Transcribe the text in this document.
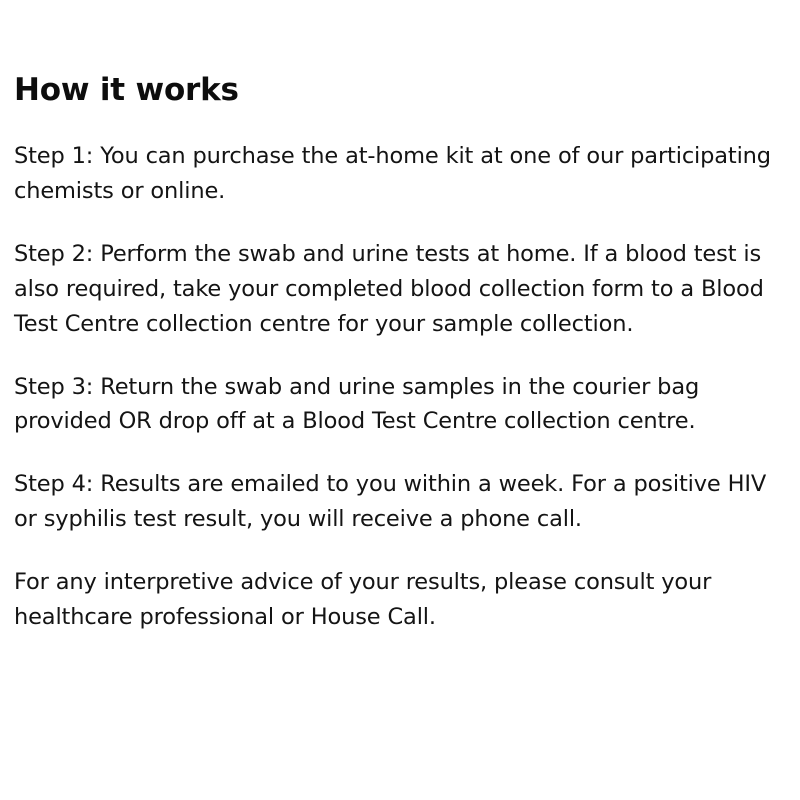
How it works

Step 1: You can purchase the at-home kit at one of our participating chemists or online.

Step 2: Perform the swab and urine tests at home. If a blood test is also required, take your completed blood collection form to a Blood Test Centre collection centre for your sample collection.

Step 3: Return the swab and urine samples in the courier bag provided OR drop off at a Blood Test Centre collection centre.

Step 4: Results are emailed to you within a week. For a positive HIV or syphilis test result, you will receive a phone call.

For any interpretive advice of your results, please consult your healthcare professional or House Call.
